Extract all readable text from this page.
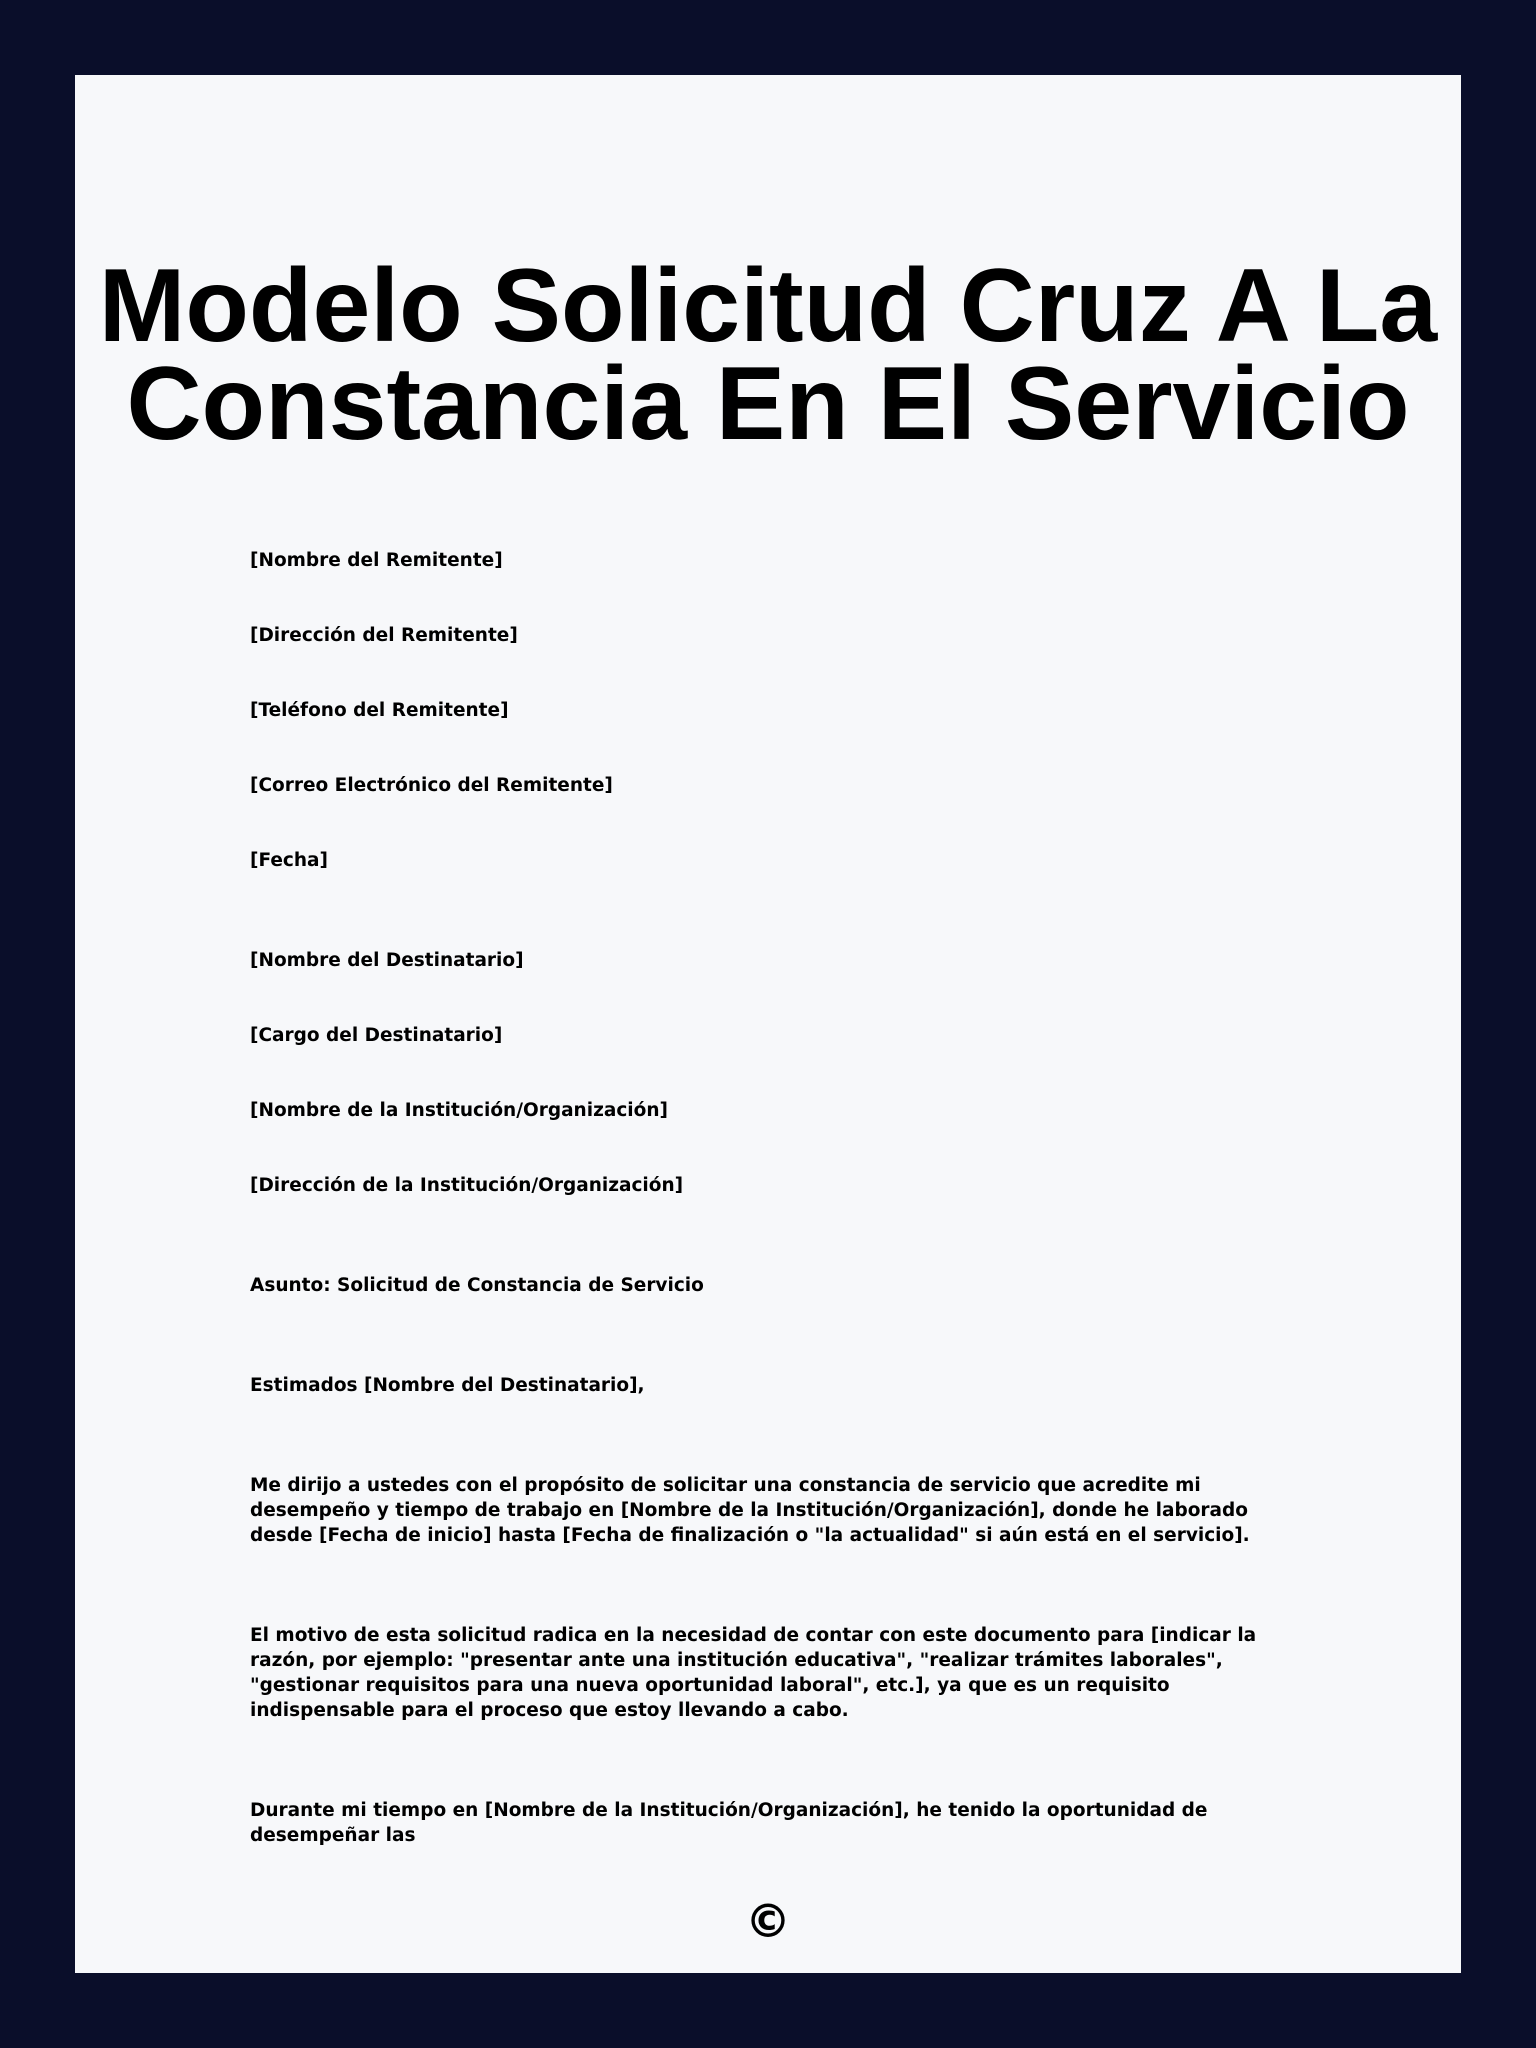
Modelo Solicitud Cruz A La Constancia En El Servicio

[Nombre del Remitente]

[Dirección del Remitente]

[Teléfono del Remitente]

[Correo Electrónico del Remitente]

[Fecha]

[Nombre del Destinatario]

[Cargo del Destinatario]

[Nombre de la Institución/Organización]

[Dirección de la Institución/Organización]

Asunto: Solicitud de Constancia de Servicio

Estimados [Nombre del Destinatario],

Me dirijo a ustedes con el propósito de solicitar una constancia de servicio que acredite mi desempeño y tiempo de trabajo en [Nombre de la Institución/Organización], donde he laborado desde [Fecha de inicio] hasta [Fecha de finalización o "la actualidad" si aún está en el servicio].

El motivo de esta solicitud radica en la necesidad de contar con este documento para [indicar la razón, por ejemplo: "presentar ante una institución educativa", "realizar trámites laborales", "gestionar requisitos para una nueva oportunidad laboral", etc.], ya que es un requisito indispensable para el proceso que estoy llevando a cabo.

Durante mi tiempo en [Nombre de la Institución/Organización], he tenido la oportunidad de desempeñar las

©
